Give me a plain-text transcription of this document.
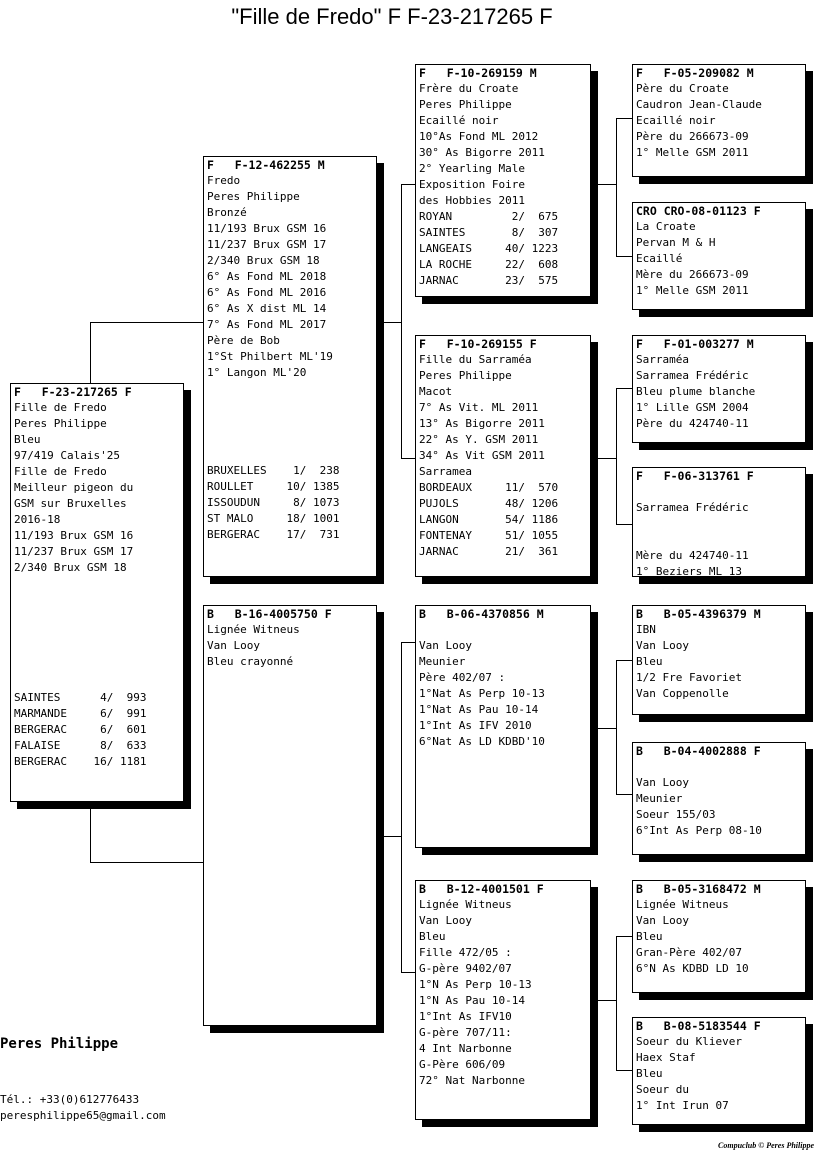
"Fille de Fredo" F F-23-217265 F
F   F-23-217265 F
Fille de Fredo
Peres Philippe
Bleu
97/419 Calais'25
Fille de Fredo
Meilleur pigeon du
GSM sur Bruxelles
2016-18
11/193 Brux GSM 16
11/237 Brux GSM 17
2/340 Brux GSM 18
SAINTES      4/  993
MARMANDE     6/  991
BERGERAC     6/  601
FALAISE      8/  633
BERGERAC    16/ 1181
F   F-12-462255 M
Fredo
Peres Philippe
Bronzé
11/193 Brux GSM 16
11/237 Brux GSM 17
2/340 Brux GSM 18
6° As Fond ML 2018
6° As Fond ML 2016
6° As X dist ML 14
7° As Fond ML 2017
Père de Bob
1°St Philbert ML'19
1° Langon ML'20
BRUXELLES    1/  238
ROULLET     10/ 1385
ISSOUDUN     8/ 1073
ST MALO     18/ 1001
BERGERAC    17/  731
B   B-16-4005750 F
Lignée Witneus
Van Looy
Bleu crayonné
F   F-10-269159 M
Frère du Croate
Peres Philippe
Ecaillé noir
10°As Fond ML 2012
30° As Bigorre 2011
2° Yearling Male
Exposition Foire
des Hobbies 2011
ROYAN         2/  675
SAINTES       8/  307
LANGEAIS     40/ 1223
LA ROCHE     22/  608
JARNAC       23/  575
F   F-10-269155 F
Fille du Sarraméa
Peres Philippe
Macot
7° As Vit. ML 2011
13° As Bigorre 2011
22° As Y. GSM 2011
34° As Vit GSM 2011
Sarramea
BORDEAUX     11/  570
PUJOLS       48/ 1206
LANGON       54/ 1186
FONTENAY     51/ 1055
JARNAC       21/  361
B   B-06-4370856 M
Van Looy
Meunier
Père 402/07 :
1°Nat As Perp 10-13
1°Nat As Pau 10-14
1°Int As IFV 2010
6°Nat As LD KDBD'10
B   B-12-4001501 F
Lignée Witneus
Van Looy
Bleu
Fille 472/05 :
G-père 9402/07
1°N As Perp 10-13
1°N As Pau 10-14
1°Int As IFV10
G-père 707/11:
4 Int Narbonne
G-Père 606/09
72° Nat Narbonne
F   F-05-209082 M
Père du Croate
Caudron Jean-Claude
Ecaillé noir
Père du 266673-09
1° Melle GSM 2011
CRO CRO-08-01123 F
La Croate
Pervan M & H
Ecaillé
Mère du 266673-09
1° Melle GSM 2011
F   F-01-003277 M
Sarraméa
Sarramea Frédéric
Bleu plume blanche
1° Lille GSM 2004
Père du 424740-11
F   F-06-313761 F
Sarramea Frédéric
Mère du 424740-11
1° Beziers ML 13
B   B-05-4396379 M
IBN
Van Looy
Bleu
1/2 Fre Favoriet
Van Coppenolle
B   B-04-4002888 F
Van Looy
Meunier
Soeur 155/03
6°Int As Perp 08-10
B   B-05-3168472 M
Lignée Witneus
Van Looy
Bleu
Gran-Père 402/07
6°N As KDBD LD 10
B   B-08-5183544 F
Soeur du Kliever
Haex Staf
Bleu
Soeur du
1° Int Irun 07
Peres Philippe
Tél.: +33(0)612776433
peresphilippe65@gmail.com
Compuclub © Peres Philippe
